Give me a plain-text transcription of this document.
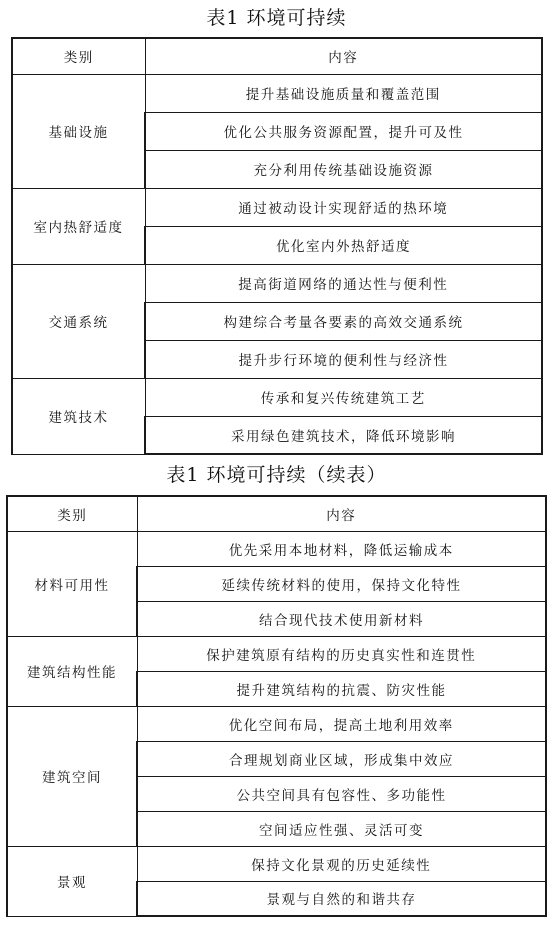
表1 环境可持续
类别	内容
基础设施	提升基础设施质量和覆盖范围
	优化公共服务资源配置，提升可及性
	充分利用传统基础设施资源
室内热舒适度	通过被动设计实现舒适的热环境
	优化室内外热舒适度
交通系统	提高街道网络的通达性与便利性
	构建综合考量各要素的高效交通系统
	提升步行环境的便利性与经济性
建筑技术	传承和复兴传统建筑工艺
	采用绿色建筑技术，降低环境影响
表1 环境可持续（续表）
类别	内容
材料可用性	优先采用本地材料，降低运输成本
	延续传统材料的使用，保持文化特性
	结合现代技术使用新材料
建筑结构性能	保护建筑原有结构的历史真实性和连贯性
	提升建筑结构的抗震、防灾性能
建筑空间	优化空间布局，提高土地利用效率
	合理规划商业区域，形成集中效应
	公共空间具有包容性、多功能性
	空间适应性强、灵活可变
景观	保持文化景观的历史延续性
	景观与自然的和谐共存
